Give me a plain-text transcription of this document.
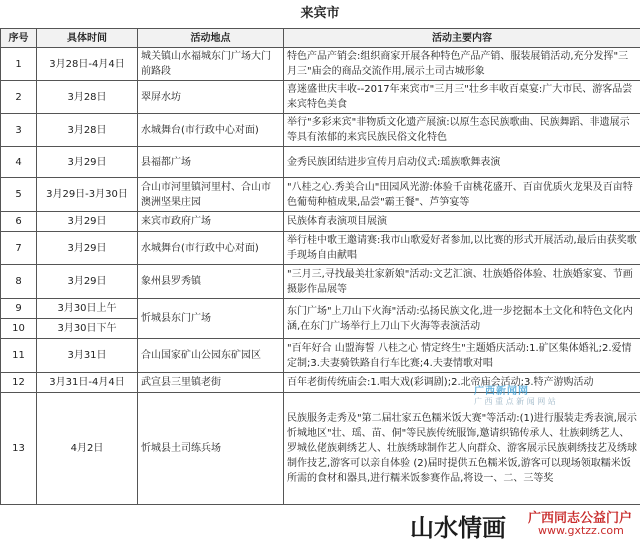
来宾市
序号	具体时间	活动地点	活动主要内容
1	3月28日-4月4日	城关镇山水福城东门广场大门前路段	特色产品产销会:组织商家开展各种特色产品产销、服装展销活动,充分发挥"三月三"庙会的商品交流作用,展示土司古城形象
2	3月28日	翠屏水坊	喜迷盛世庆丰收--2017年来宾市"三月三"壮乡丰收百桌宴:广大市民、游客品尝来宾特色美食
3	3月28日	水城舞台(市行政中心对面)	举行"多彩来宾"非物质文化遗产展演:以原生态民族歌曲、民族舞蹈、非遗展示等具有浓郁的来宾民族民俗文化特色
4	3月29日	县福都广场	金秀民族团结进步宣传月启动仪式:瑶族歌舞表演
5	3月29日-3月30日	合山市河里镇河里村、合山市澳洲坚果庄园	"八桂之心.秀美合山"田园风光游:体验千亩桃花盛开、百亩优质火龙果及百亩特色葡萄种植成果,品尝"霸王餐"、芦笋宴等
6	3月29日	来宾市政府广场	民族体育表演项目展演
7	3月29日	水城舞台(市行政中心对面)	举行桂中歌王邀请赛:我市山歌爱好者参加,以比赛的形式开展活动,最后由获奖歌手现场自由献唱
8	3月29日	象州县罗秀镇	"三月三,寻找最美壮家新娘"活动:文艺汇演、壮族婚俗体验、壮族婚家宴、节画摄影作品展等
9	3月30日上午	忻城县东门广场	东门广场"上刀山下火海"活动:弘扬民族文化,进一步挖掘本土文化和特色文化内涵,在东门广场举行上刀山下火海等表演活动
10	3月30日下午		
11	3月31日	合山国家矿山公园东矿园区	"百年好合 山盟海誓 八桂之心 情定终生"主题婚庆活动:1.矿区集体婚礼;2.爱情定制;3.夫妻骑铁路自行车比赛;4.夫妻情歌对唱
12	3月31日-4月4日	武宣县三里镇老街	百年老街传统庙会:1.唱大戏(彩调剧);2.北帝庙会活动;3.特产游购活动
13	4月2日	忻城县土司练兵场	民族服务走秀及"第二届壮家五色糯米饭大赛"等活动:(1)进行服装走秀表演,展示忻城地区"壮、瑶、苗、侗"等民族传统服饰,邀请织锦传承人、壮族刺绣艺人、罗城仫佬族刺绣艺人、壮族绣球制作艺人向群众、游客展示民族刺绣技艺及绣球制作技艺,游客可以亲自体验 (2)届时提供五色糯米饭,游客可以现场领取糯米饭所需的食材和器具,进行糯米饭参赛作品,将设一、二、三等奖
广西新闻网
广 西 重 点 新 闻 网 站
山水情画 广西同志公益门户
www.gxtzz.com
